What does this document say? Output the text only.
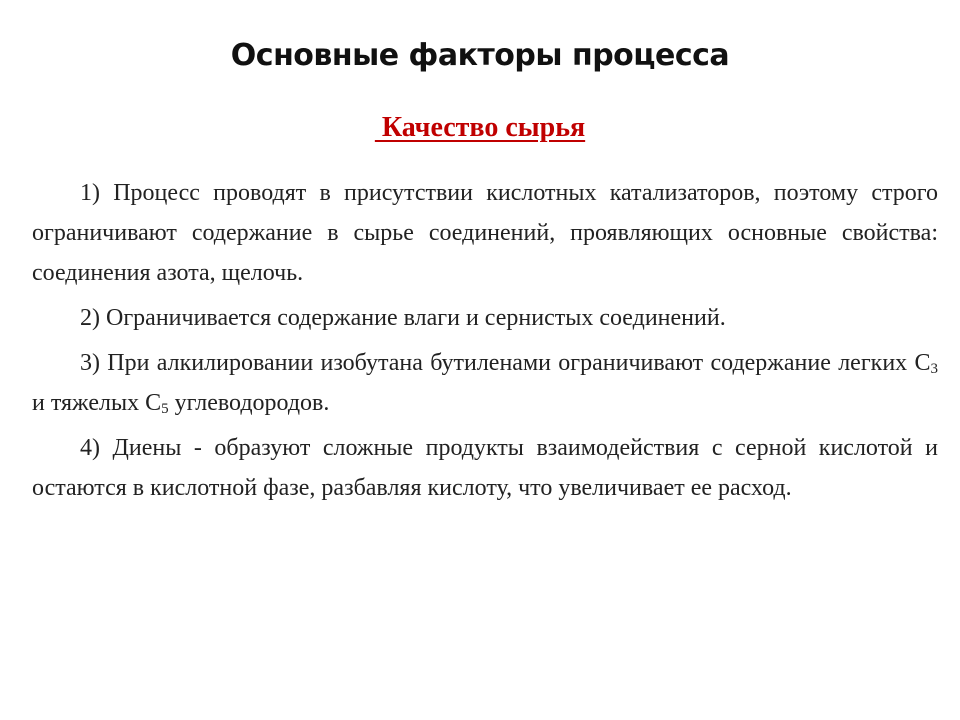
Основные факторы процесса
Качество сырья

1) Процесс проводят в присутствии кислотных катализаторов, поэтому строго ограничивают содержание в сырье соединений, проявляющих основные свойства: соединения азота, щелочь.

2) Ограничивается содержание влаги и сернистых соединений.

3) При алкилировании изобутана бутиленами ограничивают содержание легких $С_3$ и тяжелых $С_5$ углеводородов.

4) Диены - образуют сложные продукты взаимодействия с серной кислотой и остаются в кислотной фазе, разбавляя кислоту, что увеличивает ее расход.
